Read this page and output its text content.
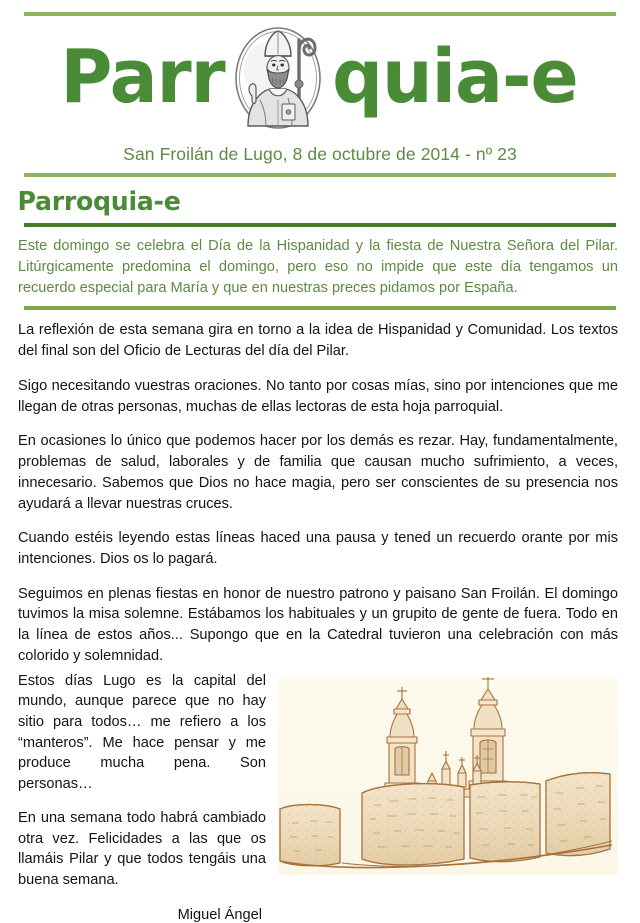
Parr quia-e
San Froilán de Lugo, 8 de octubre de 2014 - nº 23
Parroquia-e
Este domingo se celebra el Día de la Hispanidad y la fiesta de Nuestra Señora del Pilar. Litúrgicamente predomina el domingo, pero eso no impide que este día tengamos un recuerdo especial para María y que en nuestras preces pidamos por España.

La reflexión de esta semana gira en torno a la idea de Hispanidad y Comunidad. Los textos del final son del Oficio de Lecturas del día del Pilar.

Sigo necesitando vuestras oraciones. No tanto por cosas mías, sino por intenciones que me llegan de otras personas, muchas de ellas lectoras de esta hoja parroquial.

En ocasiones lo único que podemos hacer por los demás es rezar. Hay, fundamentalmente, problemas de salud, laborales y de familia que causan mucho sufrimiento, a veces, innecesario. Sabemos que Dios no hace magia, pero ser conscientes de su presencia nos ayudará a llevar nuestras cruces.

Cuando estéis leyendo estas líneas haced una pausa y tened un recuerdo orante por mis intenciones. Dios os lo pagará.

Seguimos en plenas fiestas en honor de nuestro patrono y paisano San Froilán. El domingo tuvimos la misa solemne. Estábamos los habituales y un grupito de gente de fuera. Todo en la línea de estos años... Supongo que en la Catedral tuvieron una celebración con más colorido y solemnidad.

Estos días Lugo es la capital del mundo, aunque parece que no hay sitio para todos… me refiero a los “manteros”. Me hace pensar y me produce mucha pena. Son personas…

En una semana todo habrá cambiado otra vez. Felicidades a las que os llamáis Pilar y que todos tengáis una buena semana.

Miguel Ángel
